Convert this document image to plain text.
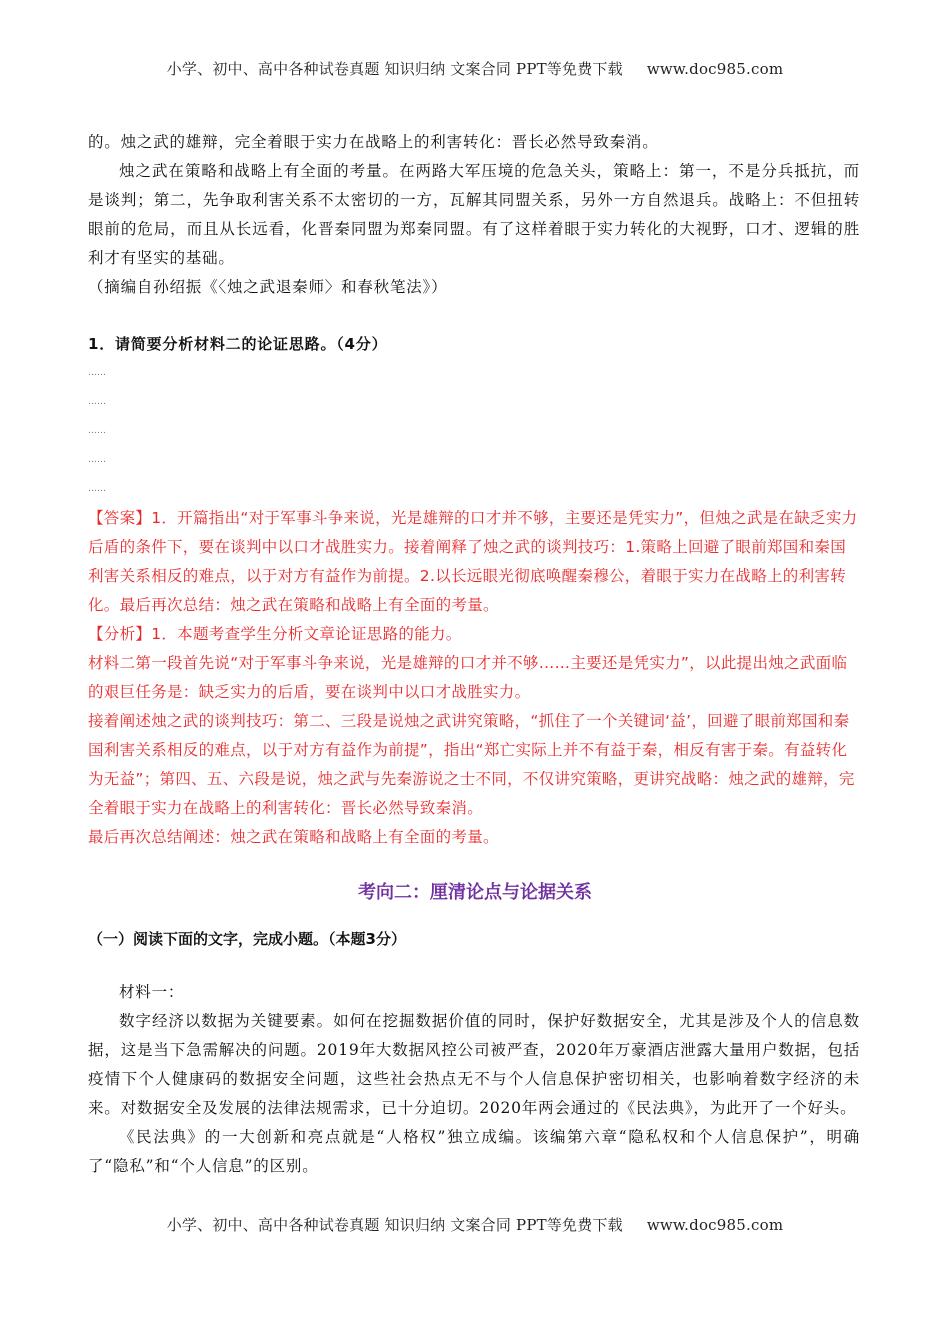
小学、初中、高中各种试卷真题 知识归纳 文案合同 PPT等免费下载 www.doc985.com

的。烛之武的雄辩，完全着眼于实力在战略上的利害转化：晋长必然导致秦消。

烛之武在策略和战略上有全面的考量。在两路大军压境的危急关头，策略上：第一，不是分兵抵抗，而是谈判；第二，先争取利害关系不太密切的一方，瓦解其同盟关系，另外一方自然退兵。战略上：不但扭转眼前的危局，而且从长远看，化晋秦同盟为郑秦同盟。有了这样着眼于实力转化的大视野，口才、逻辑的胜利才有坚实的基础。

（摘编自孙绍振《〈烛之武退秦师〉和春秋笔法》）

1．请简要分析材料二的论证思路。（4分）

……
……
……
……
……

【答案】1．开篇指出“对于军事斗争来说，光是雄辩的口才并不够，主要还是凭实力”，但烛之武是在缺乏实力后盾的条件下，要在谈判中以口才战胜实力。接着阐释了烛之武的谈判技巧：1.策略上回避了眼前郑国和秦国利害关系相反的难点，以于对方有益作为前提。2.以长远眼光彻底唤醒秦穆公，着眼于实力在战略上的利害转化。最后再次总结：烛之武在策略和战略上有全面的考量。

【分析】1．本题考查学生分析文章论证思路的能力。

材料二第一段首先说“对于军事斗争来说，光是雄辩的口才并不够……主要还是凭实力”，以此提出烛之武面临的艰巨任务是：缺乏实力的后盾，要在谈判中以口才战胜实力。

接着阐述烛之武的谈判技巧：第二、三段是说烛之武讲究策略，“抓住了一个关键词‘益’，回避了眼前郑国和秦国利害关系相反的难点，以于对方有益作为前提”，指出“郑亡实际上并不有益于秦，相反有害于秦。有益转化为无益”；第四、五、六段是说，烛之武与先秦游说之士不同，不仅讲究策略，更讲究战略：烛之武的雄辩，完全着眼于实力在战略上的利害转化：晋长必然导致秦消。

最后再次总结阐述：烛之武在策略和战略上有全面的考量。

考向二：厘清论点与论据关系
（一）阅读下面的文字，完成小题。（本题3分）

材料一：

数字经济以数据为关键要素。如何在挖掘数据价值的同时，保护好数据安全，尤其是涉及个人的信息数据，这是当下急需解决的问题。2019年大数据风控公司被严查，2020年万豪酒店泄露大量用户数据，包括疫情下个人健康码的数据安全问题，这些社会热点无不与个人信息保护密切相关，也影响着数字经济的未来。对数据安全及发展的法律法规需求，已十分迫切。2020年两会通过的《民法典》，为此开了一个好头。

《民法典》的一大创新和亮点就是“人格权”独立成编。该编第六章“隐私权和个人信息保护”，明确了“隐私”和“个人信息”的区别。

小学、初中、高中各种试卷真题 知识归纳 文案合同 PPT等免费下载 www.doc985.com
